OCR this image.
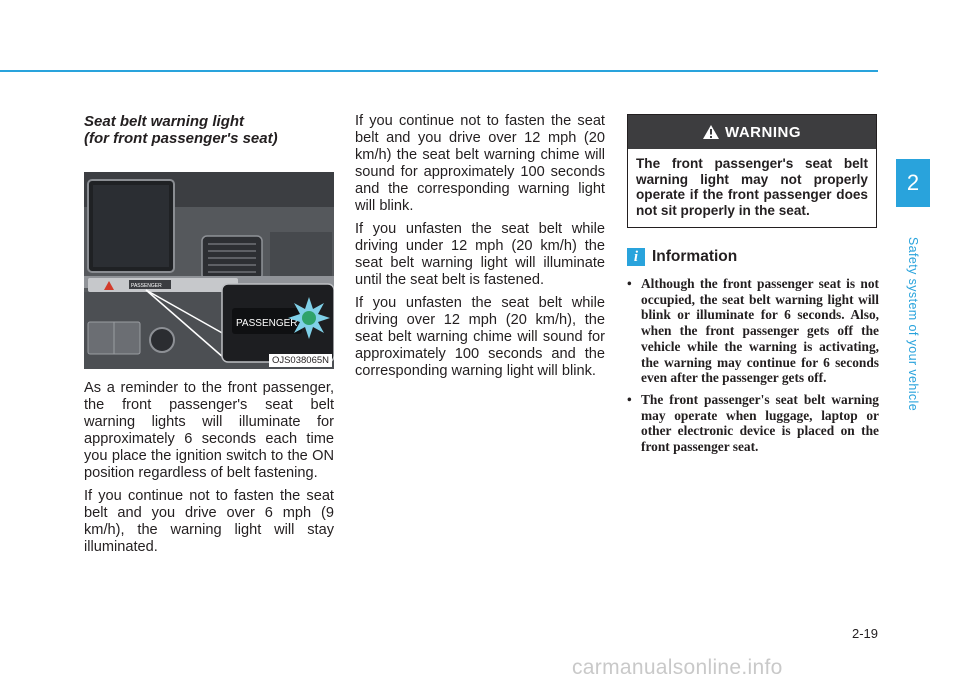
Seat belt warning light
(for front passenger's seat)
PASSENGER
PASSENGER
OJS038065N

As a reminder to the front passenger, the front passenger's seat belt warning lights will illuminate for approximately 6 seconds each time you place the ignition switch to the ON position regardless of belt fastening.

If you continue not to fasten the seat belt and you drive over 6 mph (9 km/h), the warning light will stay illuminated.

If you continue not to fasten the seat belt and you drive over 12 mph (20 km/h) the seat belt warning chime will sound for approximately 100 seconds and the corresponding warning light will blink.

If you unfasten the seat belt while driving under 12 mph (20 km/h) the seat belt warning light will illuminate until the seat belt is fastened.

If you unfasten the seat belt while driving over 12 mph (20 km/h), the seat belt warning chime will sound for approximately 100 seconds and the corresponding warning light will blink.

WARNING
The front passenger's seat belt warning light may not properly operate if the front passenger does not sit properly in the seat.
i Information
• Although the front passenger seat is not occupied, the seat belt warning light will blink or illuminate for 6 seconds. Also, when the front passenger gets off the vehicle while the warning is activating, the warning may continue for 6 seconds even after the passenger gets off.
• The front passenger's seat belt warning may operate when luggage, laptop or other electronic device is placed on the front passenger seat.
2
Safety system of your vehicle
2-19
carmanualsonline.info
